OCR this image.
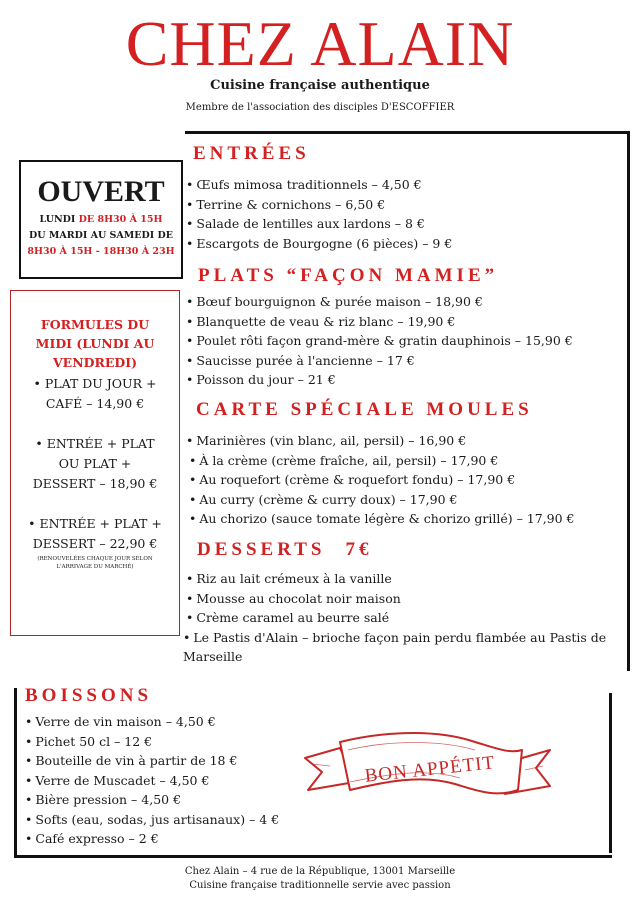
CHEZ ALAIN
Cuisine française authentique
Membre de l'association des disciples D'ESCOFFIER
OUVERT
LUNDI DE 8H30 À 15H
DU MARDI AU SAMEDI DE
8H30 À 15H - 18H30 À 23H
FORMULES DU
MIDI (LUNDI AU
VENDREDI)
• PLAT DU JOUR +
CAFÉ – 14,90 €
• ENTRÉE + PLAT
OU PLAT +
DESSERT – 18,90 €
• ENTRÉE + PLAT +
DESSERT – 22,90 €
(RENOUVELÉES CHAQUE JOUR SELON
L'ARRIVAGE DU MARCHÉ)
ENTRÉES
• Œufs mimosa traditionnels – 4,50 €
• Terrine & cornichons – 6,50 €
• Salade de lentilles aux lardons – 8 €
• Escargots de Bourgogne (6 pièces) – 9 €
PLATS “FAÇON MAMIE”
• Bœuf bourguignon & purée maison – 18,90 €
• Blanquette de veau & riz blanc – 19,90 €
• Poulet rôti façon grand-mère & gratin dauphinois – 15,90 €
• Saucisse purée à l'ancienne – 17 €
• Poisson du jour – 21 €
CARTE SPÉCIALE MOULES
• Marinières (vin blanc, ail, persil) – 16,90 €
• À la crème (crème fraîche, ail, persil) – 17,90 €
• Au roquefort (crème & roquefort fondu) – 17,90 €
• Au curry (crème & curry doux) – 17,90 €
• Au chorizo (sauce tomate légère & chorizo grillé) – 17,90 €
DESSERTS 7€
• Riz au lait crémeux à la vanille
• Mousse au chocolat noir maison
• Crème caramel au beurre salé
• Le Pastis d'Alain – brioche façon pain perdu flambée au Pastis de Marseille
BOISSONS
• Verre de vin maison – 4,50 €
• Pichet 50 cl – 12 €
• Bouteille de vin à partir de 18 €
• Verre de Muscadet – 4,50 €
• Bière pression – 4,50 €
• Softs (eau, sodas, jus artisanaux) – 4 €
• Café expresso – 2 €
BON APPÉTIT
Chez Alain – 4 rue de la République, 13001 Marseille
Cuisine française traditionnelle servie avec passion
